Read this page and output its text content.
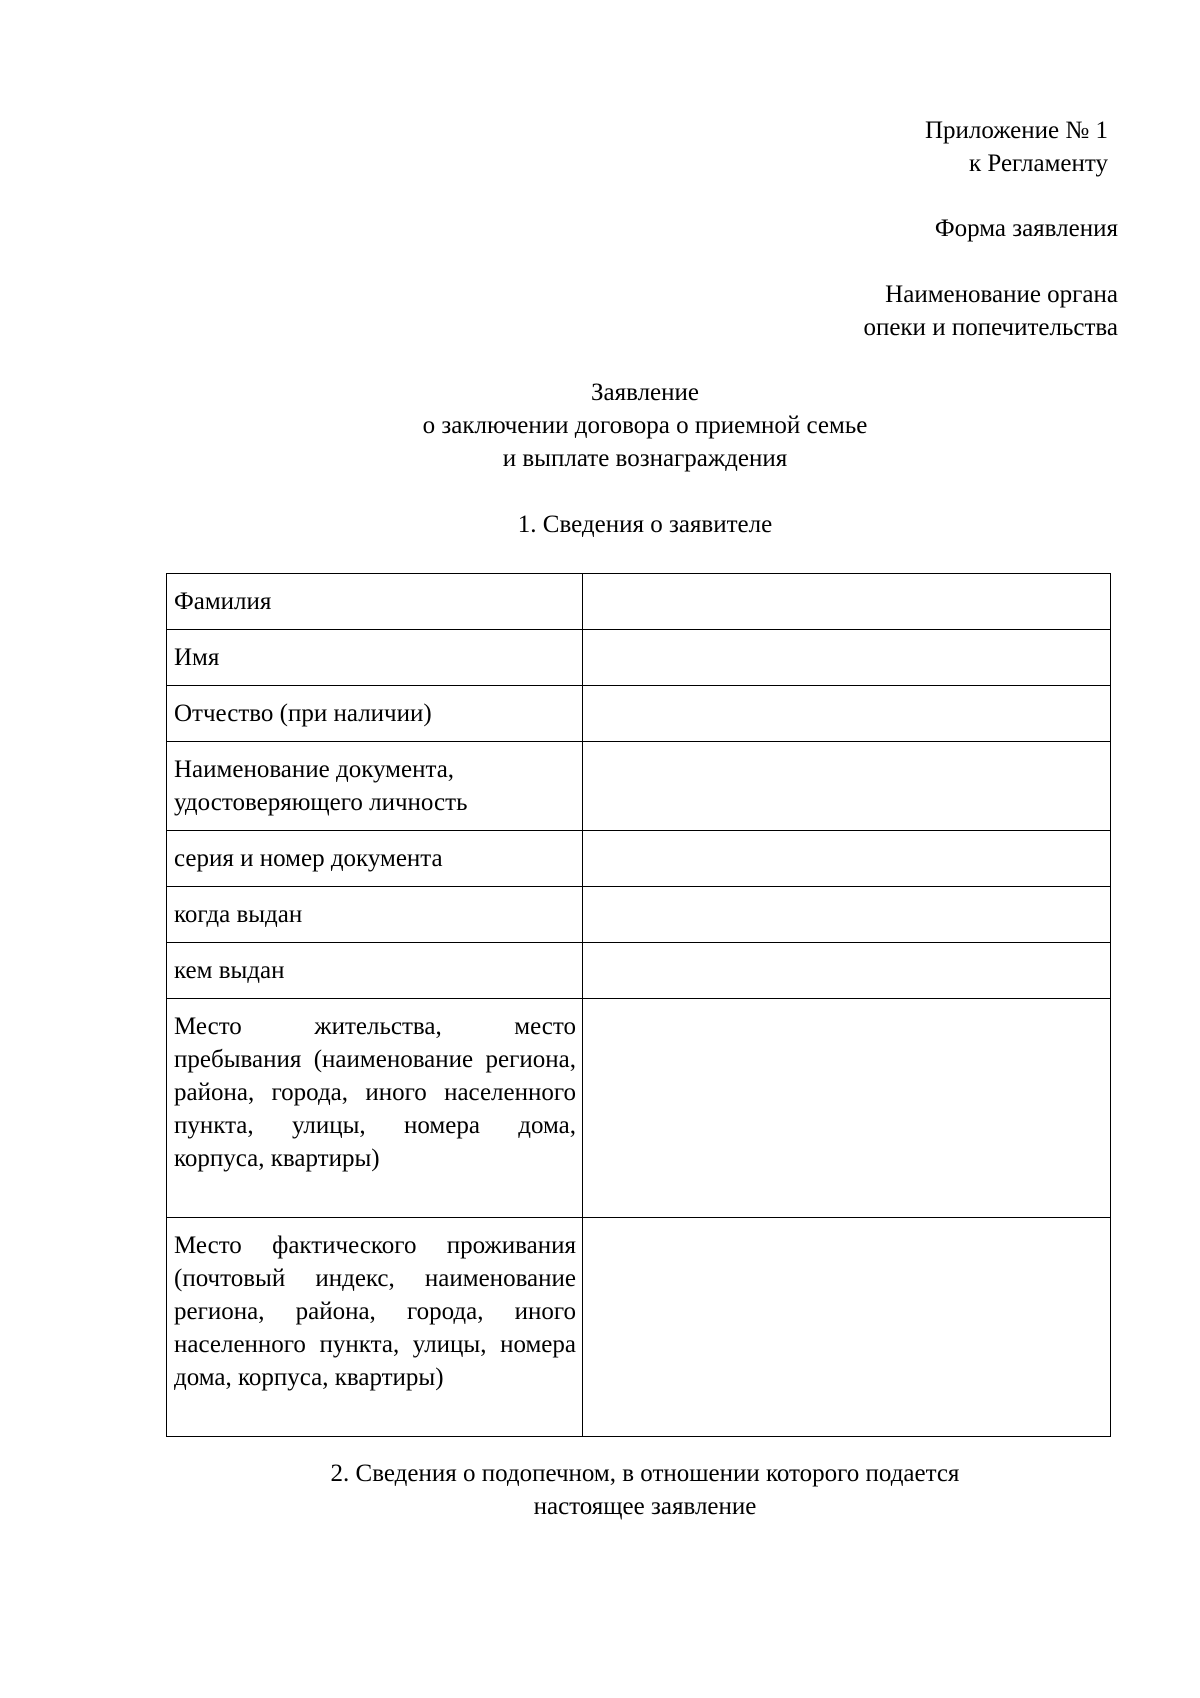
Приложение № 1
к Регламенту
Форма заявления
Наименование органа
опеки и попечительства
Заявление
о заключении договора о приемной семье
и выплате вознаграждения
1. Сведения о заявителе
Фамилия	
Имя	
Отчество (при наличии)	
Наименование документа, удостоверяющего личность	
серия и номер документа	
когда выдан	
кем выдан	
Место жительства, место пребывания (наименование региона, района, города, иного населенного пункта, улицы, номера дома, корпуса, квартиры)	
Место фактического проживания (почтовый индекс, наименование региона, района, города, иного населенного пункта, улицы, номера дома, корпуса, квартиры)	
2. Сведения о подопечном, в отношении которого подается
настоящее заявление
